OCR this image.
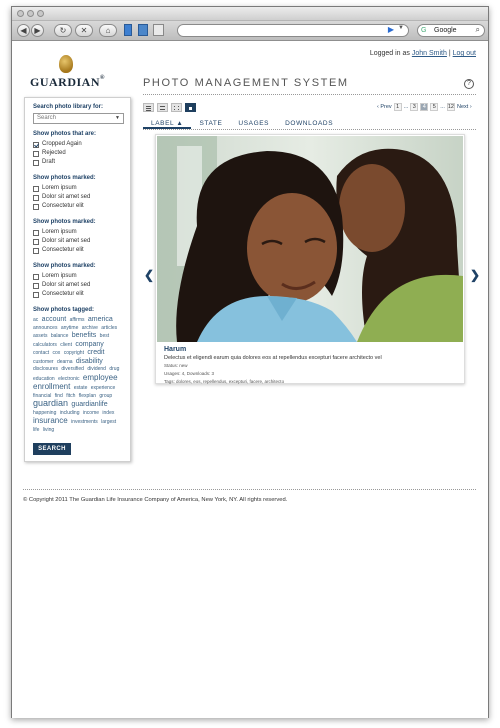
◀ ▶	↻	✕	⌂	▶ ▼	Google
G	⌕
Logged in as John Smith | Log out
GUARDIAN®	PHOTO MANAGEMENT SYSTEM	?
Search photo library for:
Search	▼
Show photos that are:
Cropped Again
Rejected
Draft
Show photos marked:
Lorem ipsum
Dolor sit amet sed
Consectetur elit
Show photos marked:
Lorem ipsum
Dolor sit amet sed
Consectetur elit
Show photos marked:
Lorem ipsum
Dolor sit amet sed
Consectetur elit
Show photos tagged:
ac account affirms america announces anytime archive articles assets balance benefits best calculators client company contact cox copyright credit customer dearna disability disclosures diversified dividend drug education electronic employee enrollment estate experience financial find fitch flexplan group guardian guardianlife happening including income index insurance investments largest life living
SEARCH
‹ Prev 1 ... 3	4	5 ... 12 Next ›
LABEL ▲	STATE	USAGES	DOWNLOADS
❮	❯
Harum
Delectus et eligendi earum quia dolores eos at repellendus excepturi facere architecto vel
Status: new
Usages: 4, Downloads: 3
Tags: dolores, eos, repellendus, excepturi, facere, architecto
© Copyright 2011 The Guardian Life Insurance Company of America, New York, NY. All rights reserved.
